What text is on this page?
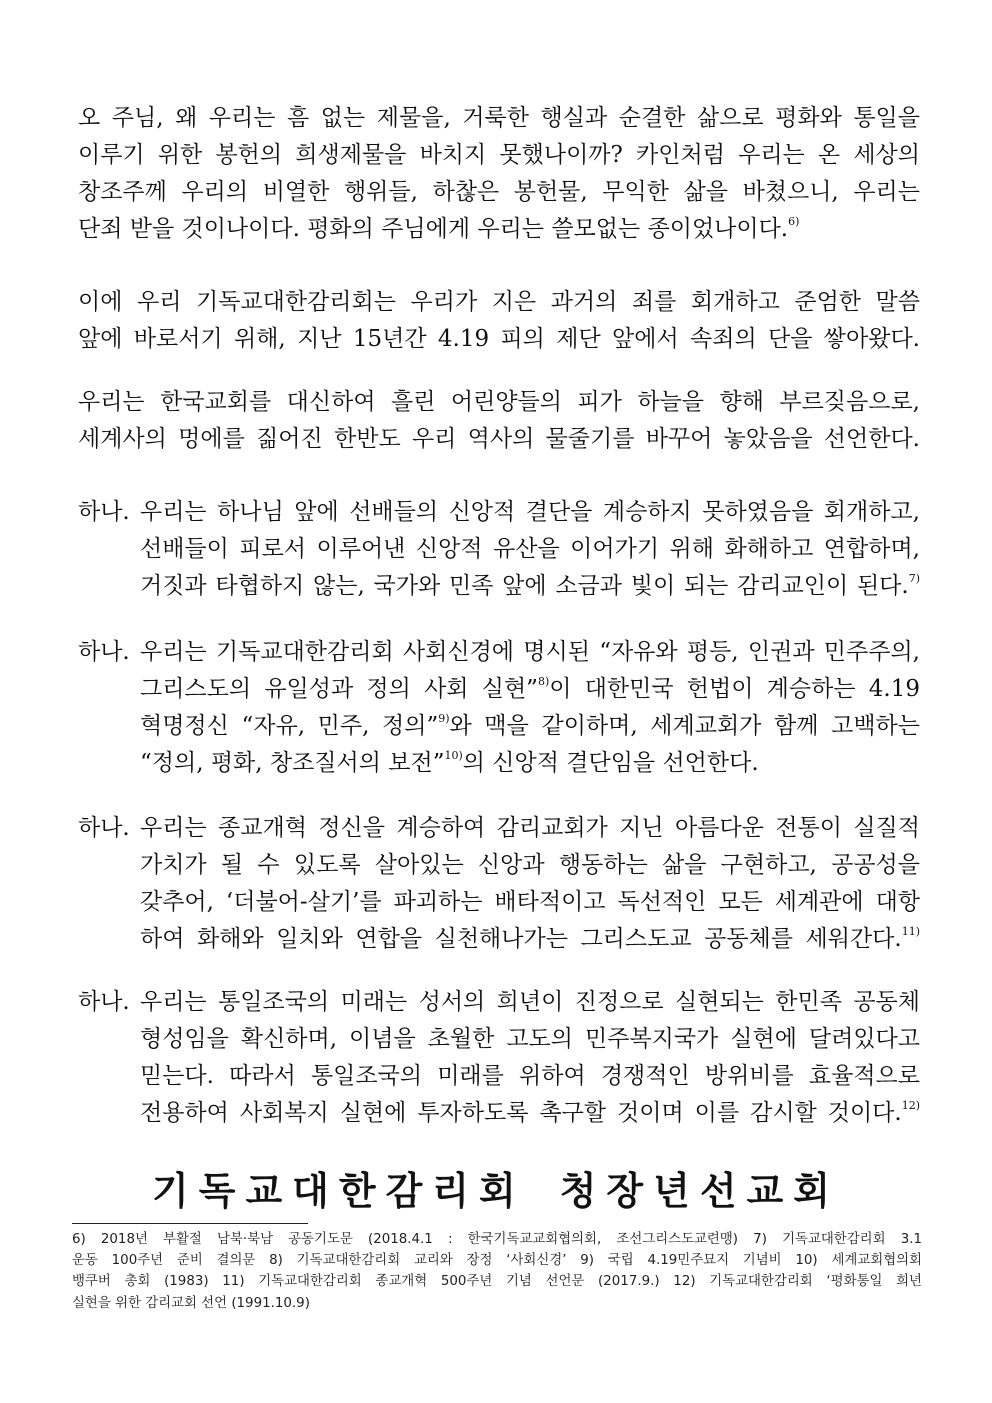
오 주님, 왜 우리는 흠 없는 제물을, 거룩한 행실과 순결한 삶으로 평화와 통일을
이루기 위한 봉헌의 희생제물을 바치지 못했나이까? 카인처럼 우리는 온 세상의
창조주께 우리의 비열한 행위들, 하찮은 봉헌물, 무익한 삶을 바쳤으니, 우리는
단죄 받을 것이나이다. 평화의 주님에게 우리는 쓸모없는 종이었나이다.$^{6)}$
이에 우리 기독교대한감리회는 우리가 지은 과거의 죄를 회개하고 준엄한 말씀
앞에 바로서기 위해, 지난 15년간 4.19 피의 제단 앞에서 속죄의 단을 쌓아왔다.
우리는 한국교회를 대신하여 흘린 어린양들의 피가 하늘을 향해 부르짖음으로,
세계사의 멍에를 짊어진 한반도 우리 역사의 물줄기를 바꾸어 놓았음을 선언한다.
하나. 우리는 하나님 앞에 선배들의 신앙적 결단을 계승하지 못하였음을 회개하고,
선배들이 피로서 이루어낸 신앙적 유산을 이어가기 위해 화해하고 연합하며,
거짓과 타협하지 않는, 국가와 민족 앞에 소금과 빛이 되는 감리교인이 된다.$^{7)}$
하나. 우리는 기독교대한감리회 사회신경에 명시된 “자유와 평등, 인권과 민주주의,
그리스도의 유일성과 정의 사회 실현”$^{8)}$이 대한민국 헌법이 계승하는 4.19
혁명정신 “자유, 민주, 정의”$^{9)}$와 맥을 같이하며, 세계교회가 함께 고백하는
“정의, 평화, 창조질서의 보전”$^{10)}$의 신앙적 결단임을 선언한다.
하나. 우리는 종교개혁 정신을 계승하여 감리교회가 지닌 아름다운 전통이 실질적
가치가 될 수 있도록 살아있는 신앙과 행동하는 삶을 구현하고, 공공성을
갖추어, ‘더불어-살기’를 파괴하는 배타적이고 독선적인 모든 세계관에 대항
하여 화해와 일치와 연합을 실천해나가는 그리스도교 공동체를 세워간다.$^{11)}$
하나. 우리는 통일조국의 미래는 성서의 희년이 진정으로 실현되는 한민족 공동체
형성임을 확신하며, 이념을 초월한 고도의 민주복지국가 실현에 달려있다고
믿는다. 따라서 통일조국의 미래를 위하여 경쟁적인 방위비를 효율적으로
전용하여 사회복지 실현에 투자하도록 촉구할 것이며 이를 감시할 것이다.$^{12)}$
기독교대한감리회 청장년선교회
6) 2018년 부활절 남북·북남 공동기도문 (2018.4.1 : 한국기독교교회협의회, 조선그리스도교련맹) 7) 기독교대한감리회 3.1
운동 100주년 준비 결의문 8) 기독교대한감리회 교리와 장정 ‘사회신경’ 9) 국립 4.19민주묘지 기념비 10) 세계교회협의회
뱅쿠버 총회 (1983) 11) 기독교대한감리회 종교개혁 500주년 기념 선언문 (2017.9.) 12) 기독교대한감리회 ‘평화통일 희년
실현을 위한 감리교회 선언 (1991.10.9)
